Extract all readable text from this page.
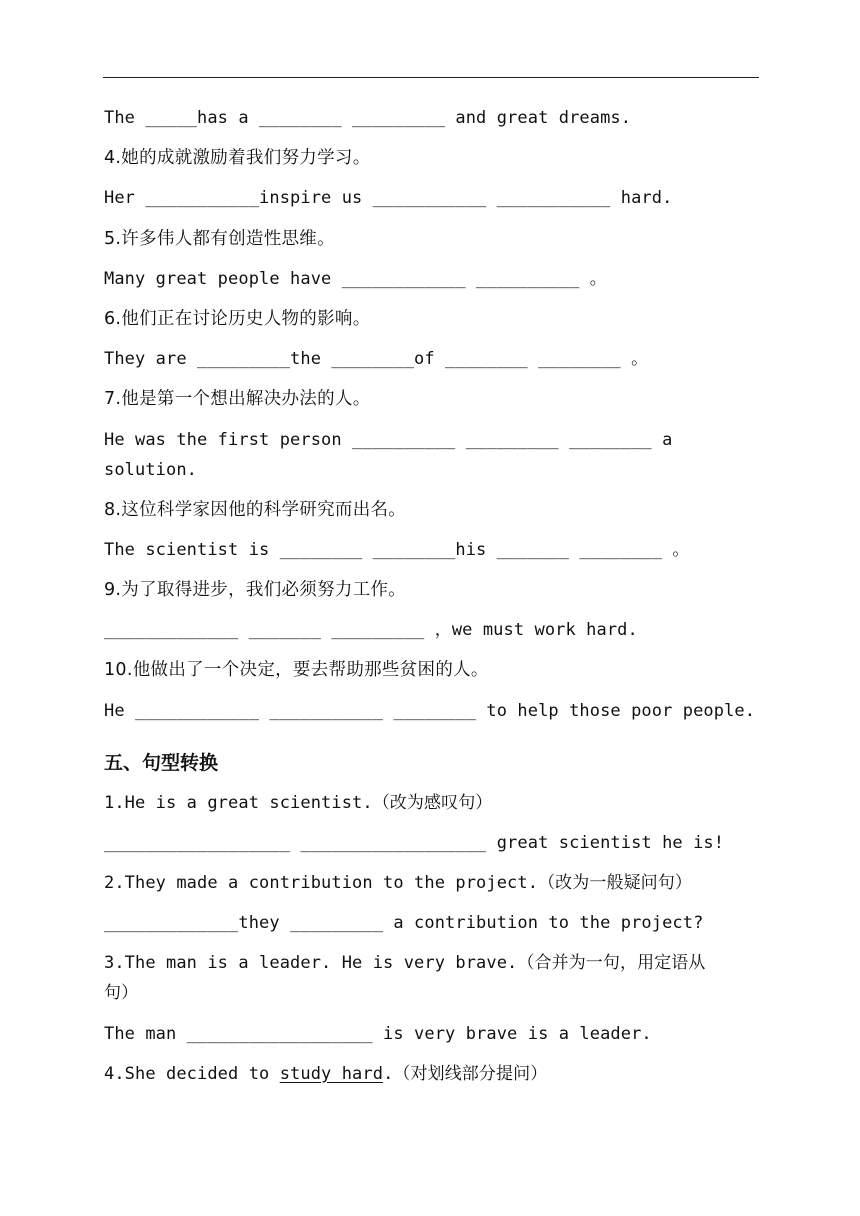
The _____has a ________ _________ and great dreams.
4.她的成就激励着我们努力学习。
Her ___________inspire us ___________ ___________ hard.
5.许多伟人都有创造性思维。
Many great people have ____________ __________ 。
6.他们正在讨论历史人物的影响。
They are _________the ________of ________ ________ 。
7.他是第一个想出解决办法的人。
He was the first person __________ _________ ________ a
solution.
8.这位科学家因他的科学研究而出名。
The scientist is ________ ________his _______ ________ 。
9.为了取得进步，我们必须努力工作。
_____________ _______ _________ ，we must work hard.
10.他做出了一个决定，要去帮助那些贫困的人。
He ____________ ___________ ________ to help those poor people.
五、句型转换
1.He is a great scientist.（改为感叹句）
__________________ __________________ great scientist he is!
2.They made a contribution to the project.（改为一般疑问句）
_____________they _________ a contribution to the project?
3.The man is a leader. He is very brave.（合并为一句，用定语从
句）
The man __________________ is very brave is a leader.
4.She decided to study hard.（对划线部分提问）
